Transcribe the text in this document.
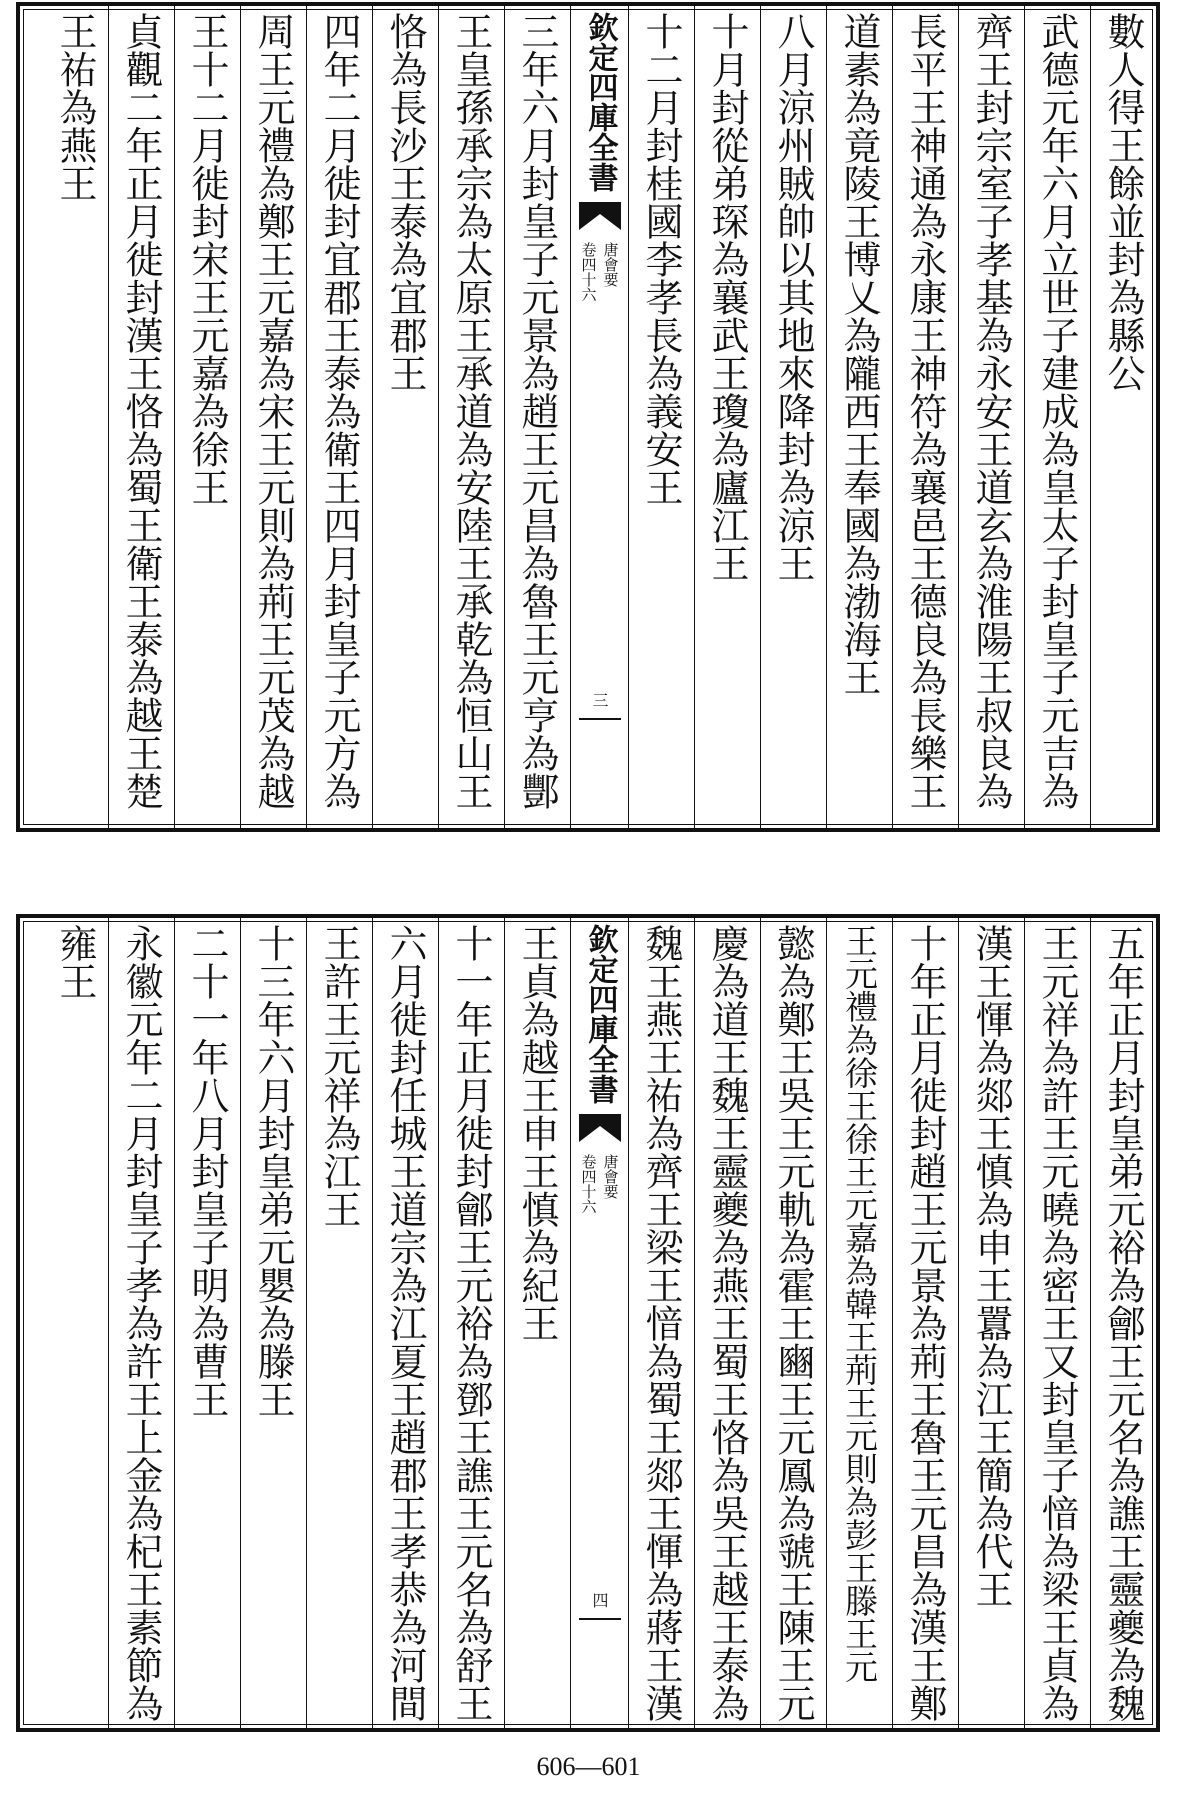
數人得王餘並封為縣公
武德元年六月立世子建成為皇太子封皇子元吉為
齊王封宗室子孝基為永安王道玄為淮陽王叔良為
長平王神通為永康王神符為襄邑王德良為長樂王
道素為竟陵王博乂為隴西王奉國為渤海王
八月涼州賊帥以其地來降封為涼王
十月封從弟琛為襄武王瓊為廬江王
十二月封桂國李孝長為義安王
欽定四庫全書
唐會要
卷四十六
三
三年六月封皇子元景為趙王元昌為魯王元亨為酆
王皇孫承宗為太原王承道為安陸王承乾為恒山王
恪為長沙王泰為宜郡王
四年二月徙封宜郡王泰為衛王四月封皇子元方為
周王元禮為鄭王元嘉為宋王元則為荊王元茂為越
王十二月徙封宋王元嘉為徐王
貞觀二年正月徙封漢王恪為蜀王衛王泰為越王楚
王祐為燕王
五年正月封皇弟元裕為鄶王元名為譙王靈夔為魏
王元祥為許王元曉為密王又封皇子愔為梁王貞為
漢王惲為郯王慎為申王囂為江王簡為代王
十年正月徙封趙王元景為荊王魯王元昌為漢王鄭
王元禮為徐王徐王元嘉為韓王荊王元則為彭王滕王元
懿為鄭王吳王元軌為霍王豳王元鳳為虢王陳王元
慶為道王魏王靈夔為燕王蜀王恪為吳王越王泰為
魏王燕王祐為齊王梁王愔為蜀王郯王惲為蔣王漢
欽定四庫全書
唐會要
卷四十六
四
王貞為越王申王慎為紀王
十一年正月徙封鄶王元裕為鄧王譙王元名為舒王
六月徙封任城王道宗為江夏王趙郡王孝恭為河間
王許王元祥為江王
十三年六月封皇弟元嬰為滕王
二十一年八月封皇子明為曹王
永徽元年二月封皇子孝為許王上金為杞王素節為
雍王
606—601
